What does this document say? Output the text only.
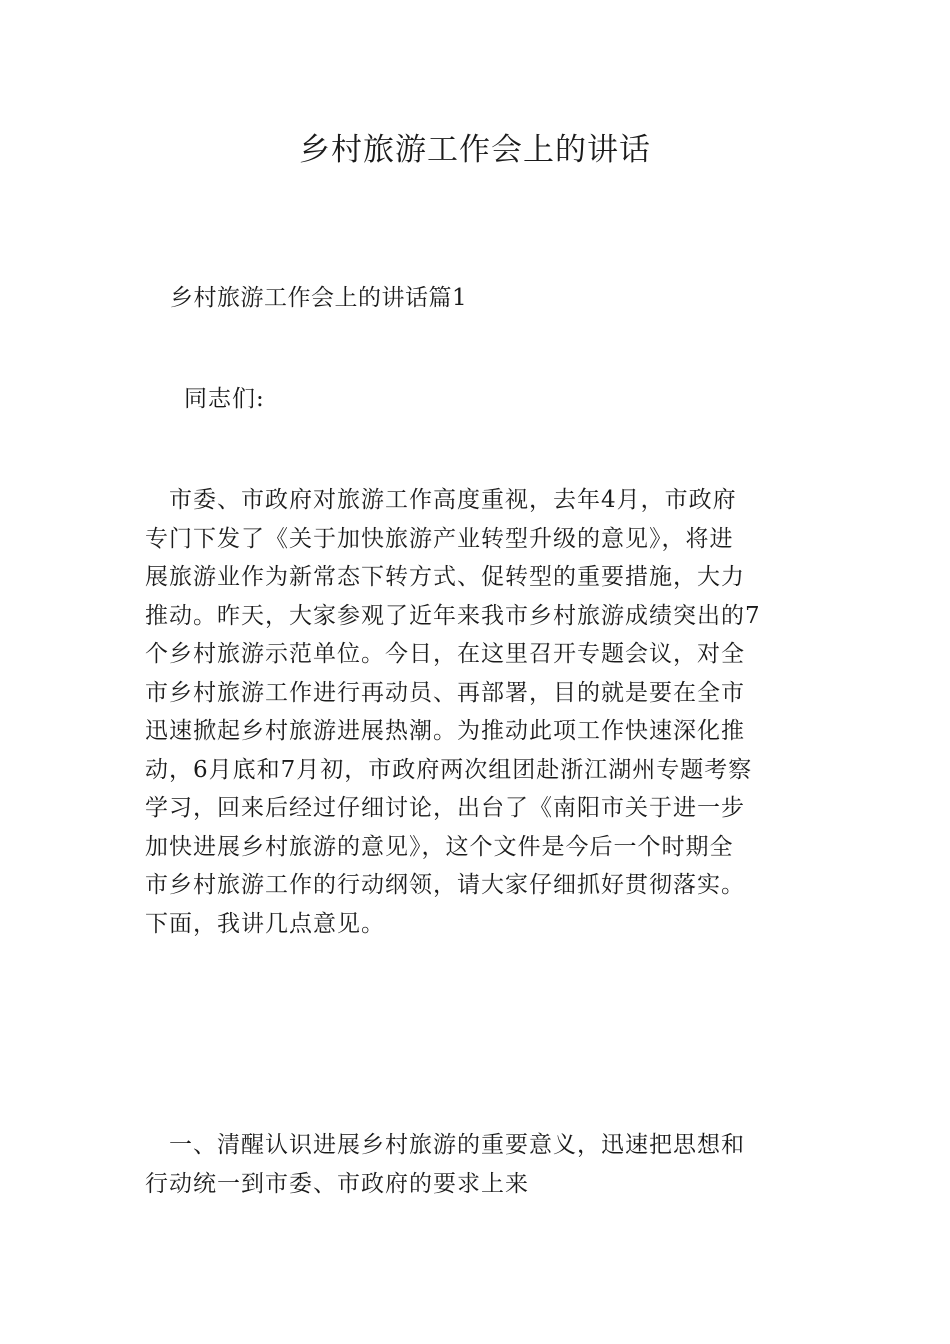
乡村旅游工作会上的讲话

乡村旅游工作会上的讲话篇1

同志们:

　市委、市政府对旅游工作高度重视，去年4月，市政府
专门下发了《关于加快旅游产业转型升级的意见》，将进
展旅游业作为新常态下转方式、促转型的重要措施，大力
推动。昨天，大家参观了近年来我市乡村旅游成绩突出的7
个乡村旅游示范单位。今日，在这里召开专题会议，对全
市乡村旅游工作进行再动员、再部署，目的就是要在全市
迅速掀起乡村旅游进展热潮。为推动此项工作快速深化推
动，6月底和7月初，市政府两次组团赴浙江湖州专题考察
学习，回来后经过仔细讨论，出台了《南阳市关于进一步
加快进展乡村旅游的意见》，这个文件是今后一个时期全
市乡村旅游工作的行动纲领，请大家仔细抓好贯彻落实。
下面，我讲几点意见。
　一、清醒认识进展乡村旅游的重要意义，迅速把思想和
行动统一到市委、市政府的要求上来
